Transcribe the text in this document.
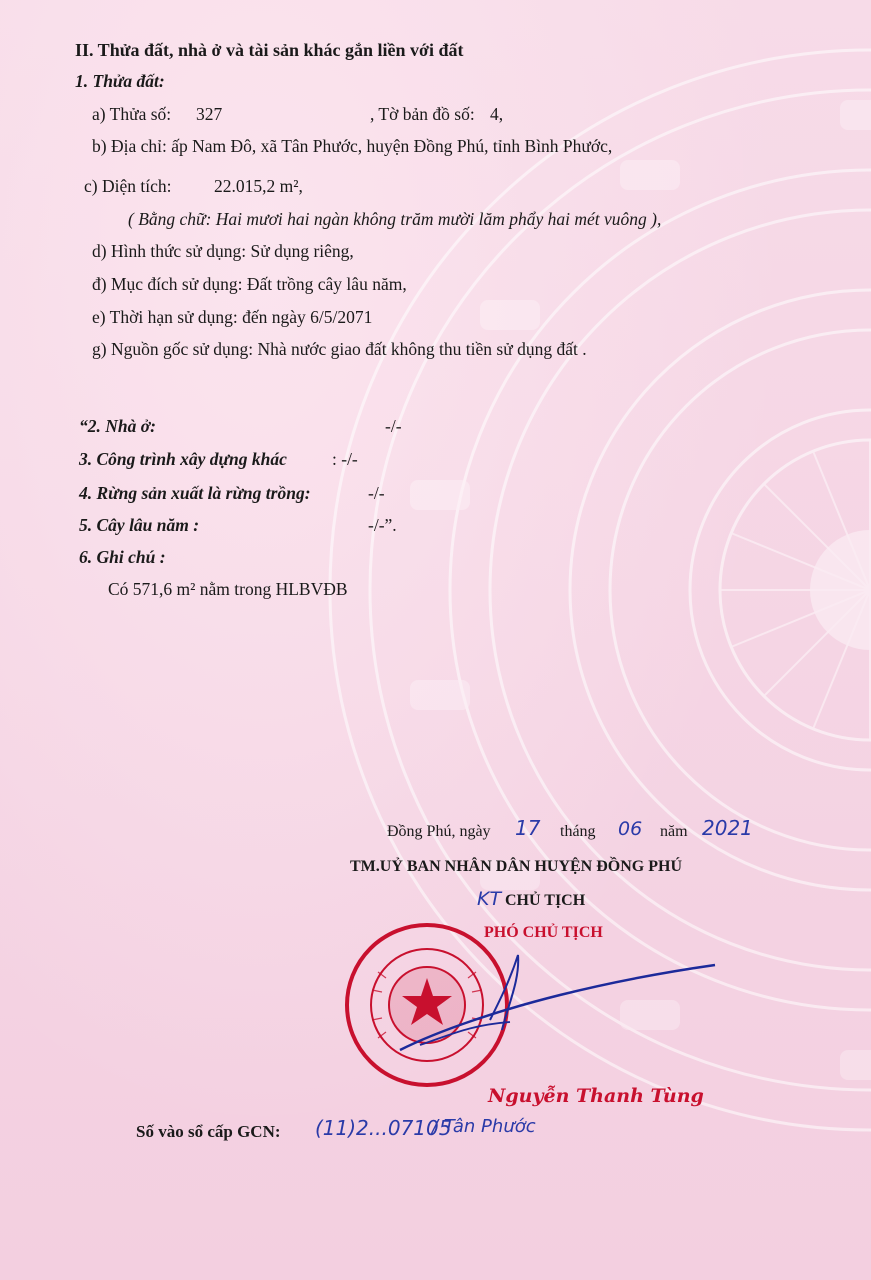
II. Thửa đất, nhà ở và tài sản khác gắn liền với đất
1. Thửa đất:
a) Thửa số: 327	, Tờ bản đồ số: 4,
b) Địa chỉ: ấp Nam Đô, xã Tân Phước, huyện Đồng Phú, tỉnh Bình Phước,
c) Diện tích: 22.015,2 m²,
( Bằng chữ: Hai mươi hai ngàn không trăm mười lăm phẩy hai mét vuông ),
d) Hình thức sử dụng: Sử dụng riêng,
đ) Mục đích sử dụng: Đất trồng cây lâu năm,
e) Thời hạn sử dụng: đến ngày 6/5/2071
g) Nguồn gốc sử dụng: Nhà nước giao đất không thu tiền sử dụng đất .
“2. Nhà ở:	-/-
3. Công trình xây dựng khác	: -/-
4. Rừng sản xuất là rừng trồng:	-/-
5. Cây lâu năm :	-/-”.
6. Ghi chú :
Có 571,6 m² nằm trong HLBVĐB
Đồng Phú, ngày 17 tháng 06 năm 2021
TM.UỶ BAN NHÂN DÂN HUYỆN ĐỒNG PHÚ
KT CHỦ TỊCH
PHÓ CHỦ TỊCH
Nguyễn Thanh Tùng
Số vào sổ cấp GCN: (11)2...07105
/ Tân Phước
